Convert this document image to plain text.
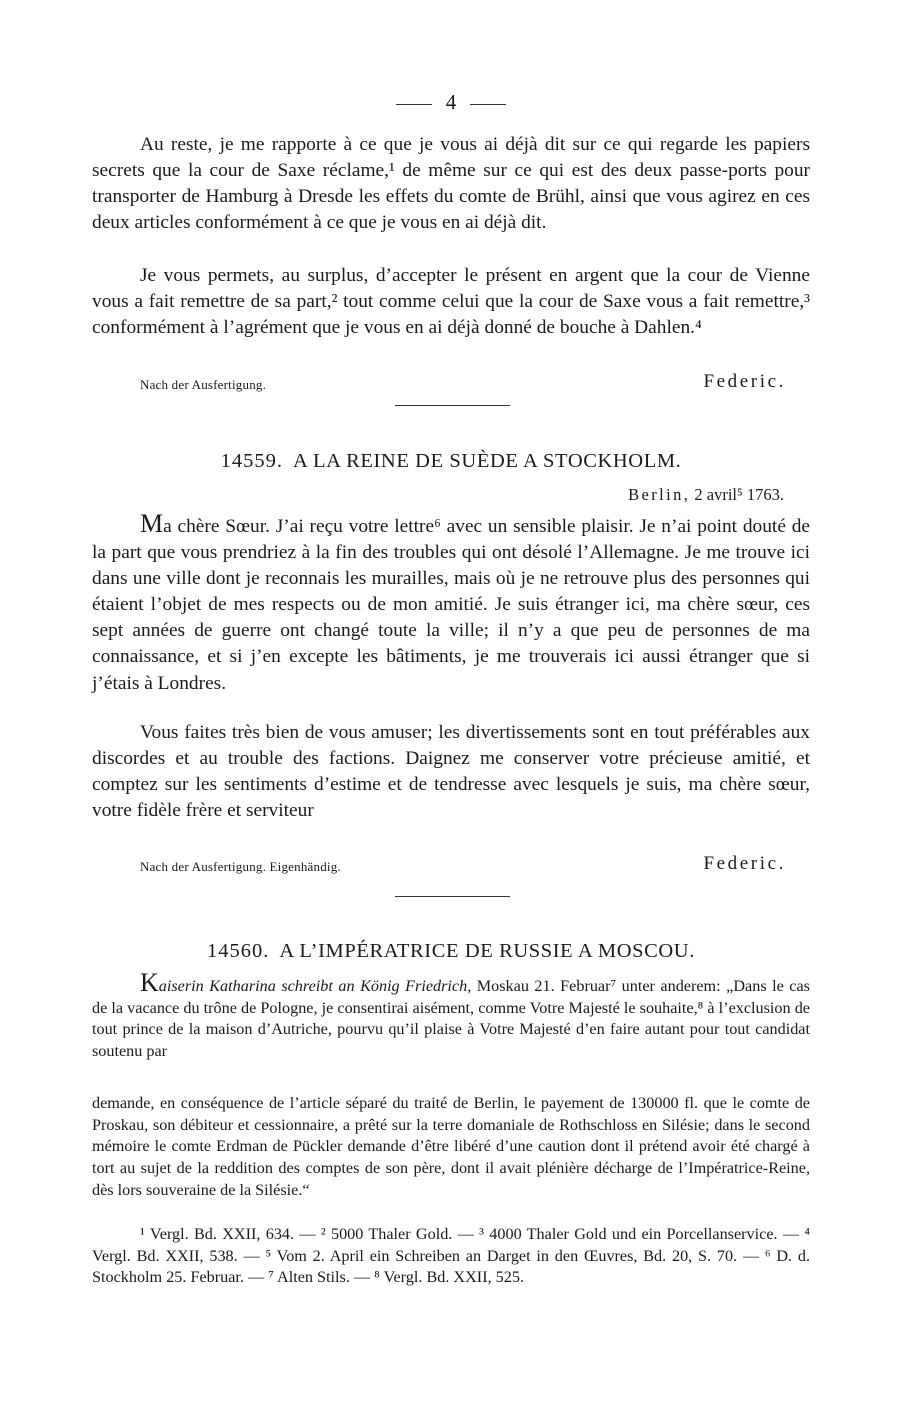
4

Au reste, je me rapporte à ce que je vous ai déjà dit sur ce qui regarde les papiers secrets que la cour de Saxe réclame,¹ de même sur ce qui est des deux passe-ports pour transporter de Hamburg à Dresde les effets du comte de Brühl, ainsi que vous agirez en ces deux articles conformément à ce que je vous en ai déjà dit.

Je vous permets, au surplus, d’accepter le présent en argent que la cour de Vienne vous a fait remettre de sa part,² tout comme celui que la cour de Saxe vous a fait remettre,³ conformément à l’agrément que je vous en ai déjà donné de bouche à Dahlen.⁴

Nach der Ausfertigung.	Federic.
14559. A LA REINE DE SUÈDE A STOCKHOLM.
Berlin, 2 avril⁵ 1763.

Ma chère Sœur. J’ai reçu votre lettre⁶ avec un sensible plaisir. Je n’ai point douté de la part que vous prendriez à la fin des troubles qui ont désolé l’Allemagne. Je me trouve ici dans une ville dont je reconnais les murailles, mais où je ne retrouve plus des personnes qui étaient l’objet de mes respects ou de mon amitié. Je suis étranger ici, ma chère sœur, ces sept années de guerre ont changé toute la ville; il n’y a que peu de personnes de ma connaissance, et si j’en excepte les bâtiments, je me trouverais ici aussi étranger que si j’étais à Londres.

Vous faites très bien de vous amuser; les divertissements sont en tout préférables aux discordes et au trouble des factions. Daignez me conserver votre précieuse amitié, et comptez sur les sentiments d’estime et de tendresse avec lesquels je suis, ma chère sœur, votre fidèle frère et serviteur

Nach der Ausfertigung. Eigenhändig.	Federic.
14560. A L’IMPÉRATRICE DE RUSSIE A MOSCOU.

Kaiserin Katharina schreibt an König Friedrich, Moskau 21. Februar⁷ unter anderem: „Dans le cas de la vacance du trône de Pologne, je consentirai aisément, comme Votre Majesté le souhaite,⁸ à l’exclusion de tout prince de la maison d’Autriche, pourvu qu’il plaise à Votre Majesté d’en faire autant pour tout candidat soutenu par

demande, en conséquence de l’article séparé du traité de Berlin, le payement de 130000 fl. que le comte de Proskau, son débiteur et cessionnaire, a prêté sur la terre domaniale de Rothschloss en Silésie; dans le second mémoire le comte Erdman de Pückler demande d’être libéré d’une caution dont il prétend avoir été chargé à tort au sujet de la reddition des comptes de son père, dont il avait plénière décharge de l’Impératrice-Reine, dès lors souveraine de la Silésie.“

¹ Vergl. Bd. XXII, 634. — ² 5000 Thaler Gold. — ³ 4000 Thaler Gold und ein Porcellanservice. — ⁴ Vergl. Bd. XXII, 538. — ⁵ Vom 2. April ein Schreiben an Darget in den Œuvres, Bd. 20, S. 70. — ⁶ D. d. Stockholm 25. Februar. — ⁷ Alten Stils. — ⁸ Vergl. Bd. XXII, 525.
